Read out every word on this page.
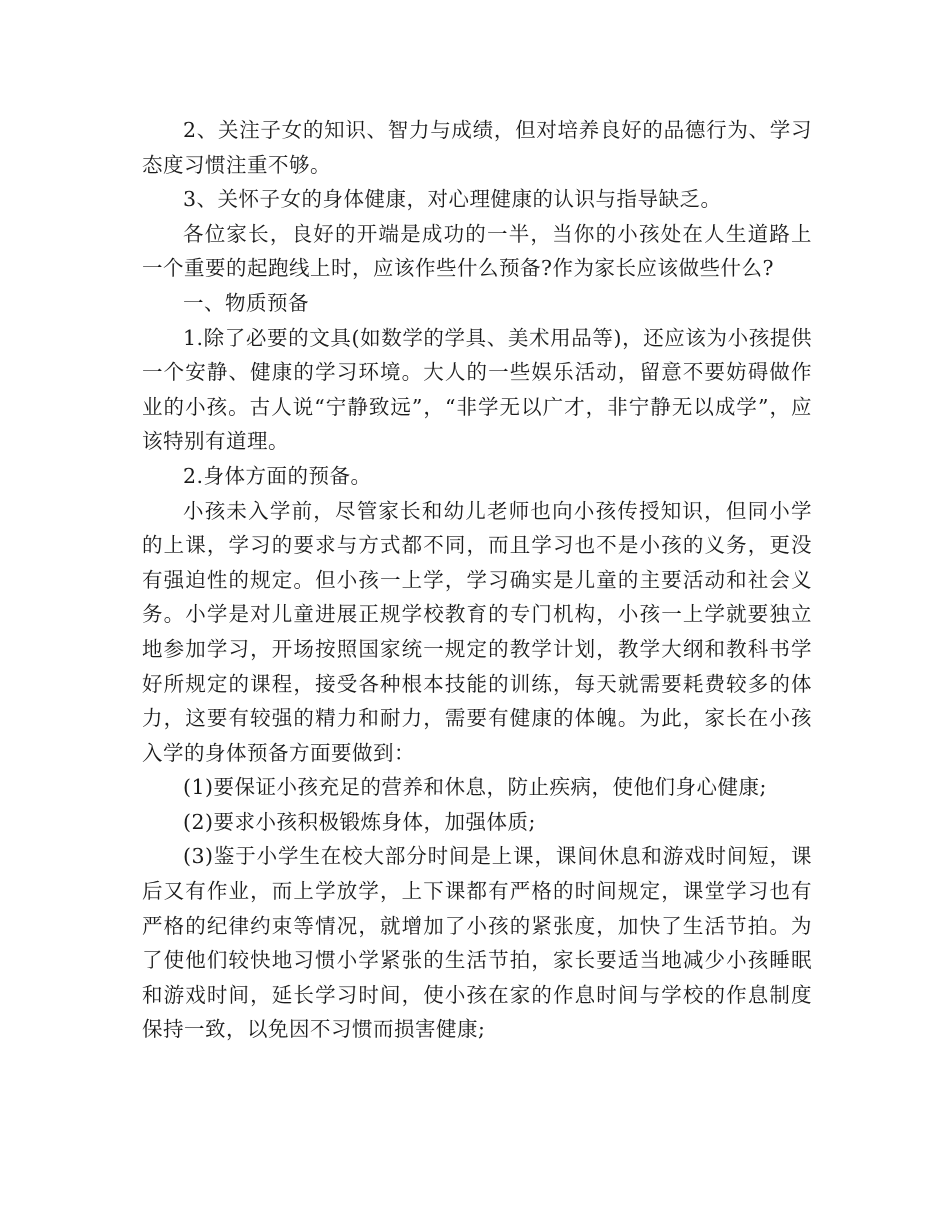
2、关注子女的知识、智力与成绩，但对培养良好的品德行为、学习态度习惯注重不够。

3、关怀子女的身体健康，对心理健康的认识与指导缺乏。

各位家长，良好的开端是成功的一半，当你的小孩处在人生道路上一个重要的起跑线上时，应该作些什么预备?作为家长应该做些什么?

一、物质预备

1.除了必要的文具(如数学的学具、美术用品等)，还应该为小孩提供一个安静、健康的学习环境。大人的一些娱乐活动，留意不要妨碍做作业的小孩。古人说“宁静致远”，“非学无以广才，非宁静无以成学”，应该特别有道理。

2.身体方面的预备。

小孩未入学前，尽管家长和幼儿老师也向小孩传授知识，但同小学的上课，学习的要求与方式都不同，而且学习也不是小孩的义务，更没有强迫性的规定。但小孩一上学，学习确实是儿童的主要活动和社会义务。小学是对儿童进展正规学校教育的专门机构，小孩一上学就要独立地参加学习，开场按照国家统一规定的教学计划，教学大纲和教科书学好所规定的课程，接受各种根本技能的训练，每天就需要耗费较多的体力，这要有较强的精力和耐力，需要有健康的体魄。为此，家长在小孩入学的身体预备方面要做到：

(1)要保证小孩充足的营养和休息，防止疾病，使他们身心健康;

(2)要求小孩积极锻炼身体，加强体质;

(3)鉴于小学生在校大部分时间是上课，课间休息和游戏时间短，课后又有作业，而上学放学，上下课都有严格的时间规定，课堂学习也有严格的纪律约束等情况，就增加了小孩的紧张度，加快了生活节拍。为了使他们较快地习惯小学紧张的生活节拍，家长要适当地减少小孩睡眠和游戏时间，延长学习时间，使小孩在家的作息时间与学校的作息制度保持一致，以免因不习惯而损害健康;
